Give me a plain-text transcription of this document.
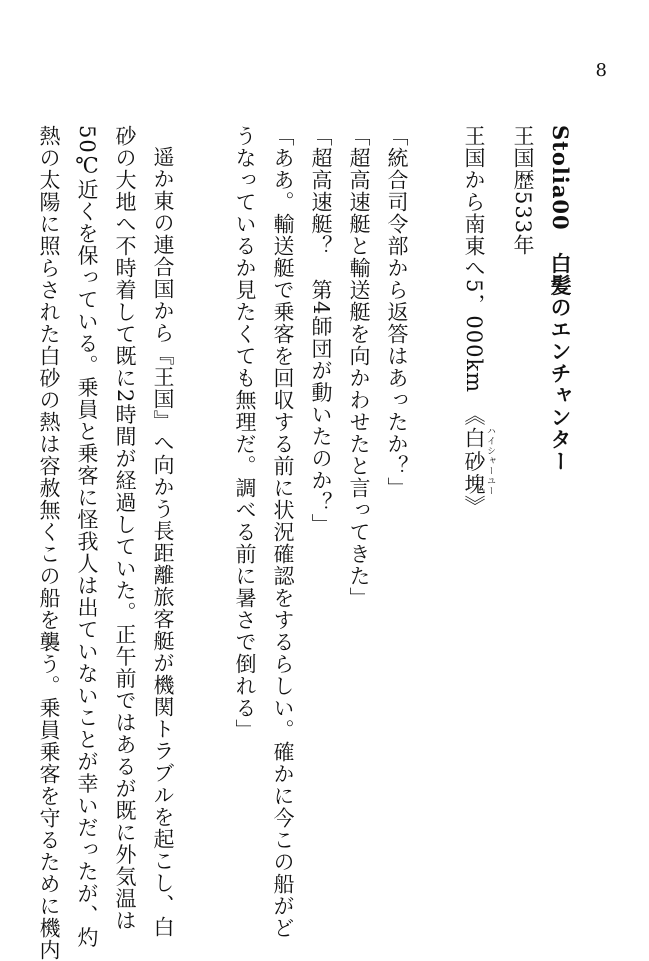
8
Stolia00　白髪のエンチャンター
王国歴533年
王国から南東へ5，000km　《白砂塊 ハイシャーユー》
「統合司令部から返答はあったか？」
「超高速艇と輸送艇を向かわせたと言ってきた」
「超高速艇？　第4師団が動いたのか？」
「ああ。輸送艇で乗客を回収する前に状況確認をするらしい。確かに今この船がど
うなっているか見たくても無理だ。調べる前に暑さで倒れる」
遥か東の連合国から『王国』へ向かう長距離旅客艇が機関トラブルを起こし、白
砂の大地へ不時着して既に2時間が経過していた。正午前ではあるが既に外気温は
50℃近くを保っている。乗員と乗客に怪我人は出ていないことが幸いだったが、灼
熱の太陽に照らされた白砂の熱は容赦無くこの船を襲う。乗員乗客を守るために機内
